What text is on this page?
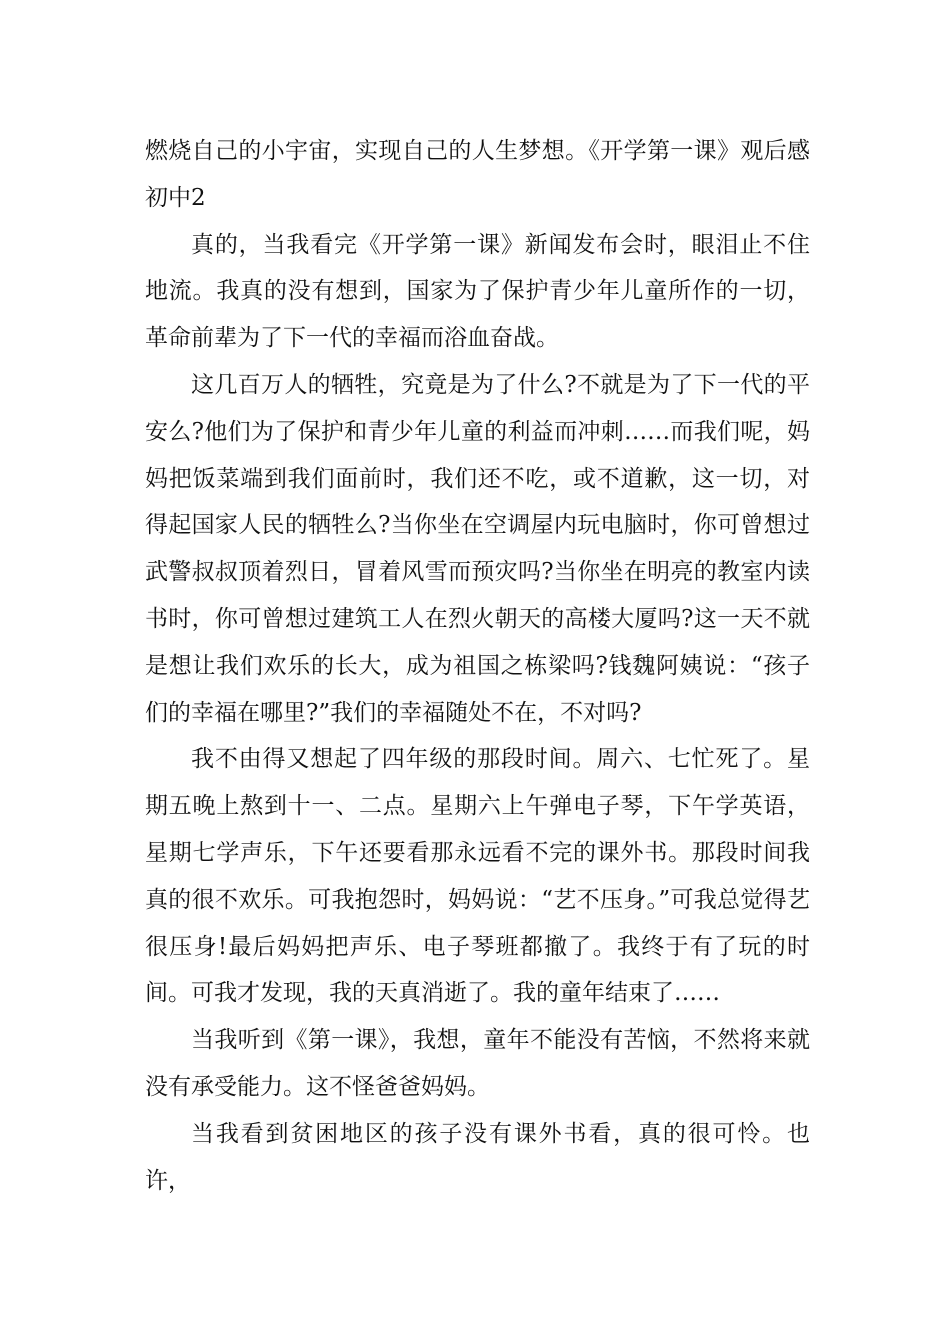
燃烧自己的小宇宙，实现自己的人生梦想。《开学第一课》观后感初中2

真的，当我看完《开学第一课》新闻发布会时，眼泪止不住地流。我真的没有想到，国家为了保护青少年儿童所作的一切，革命前辈为了下一代的幸福而浴血奋战。

这几百万人的牺牲，究竟是为了什么?不就是为了下一代的平安么?他们为了保护和青少年儿童的利益而冲刺……而我们呢，妈妈把饭菜端到我们面前时，我们还不吃，或不道歉，这一切，对得起国家人民的牺牲么?当你坐在空调屋内玩电脑时，你可曾想过武警叔叔顶着烈日，冒着风雪而预灾吗?当你坐在明亮的教室内读书时，你可曾想过建筑工人在烈火朝天的高楼大厦吗?这一天不就是想让我们欢乐的长大，成为祖国之栋梁吗?钱魏阿姨说：“孩子们的幸福在哪里?”我们的幸福随处不在，不对吗?

我不由得又想起了四年级的那段时间。周六、七忙死了。星期五晚上熬到十一、二点。星期六上午弹电子琴，下午学英语，星期七学声乐，下午还要看那永远看不完的课外书。那段时间我真的很不欢乐。可我抱怨时，妈妈说：“艺不压身。”可我总觉得艺很压身!最后妈妈把声乐、电子琴班都撤了。我终于有了玩的时间。可我才发现，我的天真消逝了。我的童年结束了……

当我听到《第一课》，我想，童年不能没有苦恼，不然将来就没有承受能力。这不怪爸爸妈妈。

当我看到贫困地区的孩子没有课外书看，真的很可怜。也许，
